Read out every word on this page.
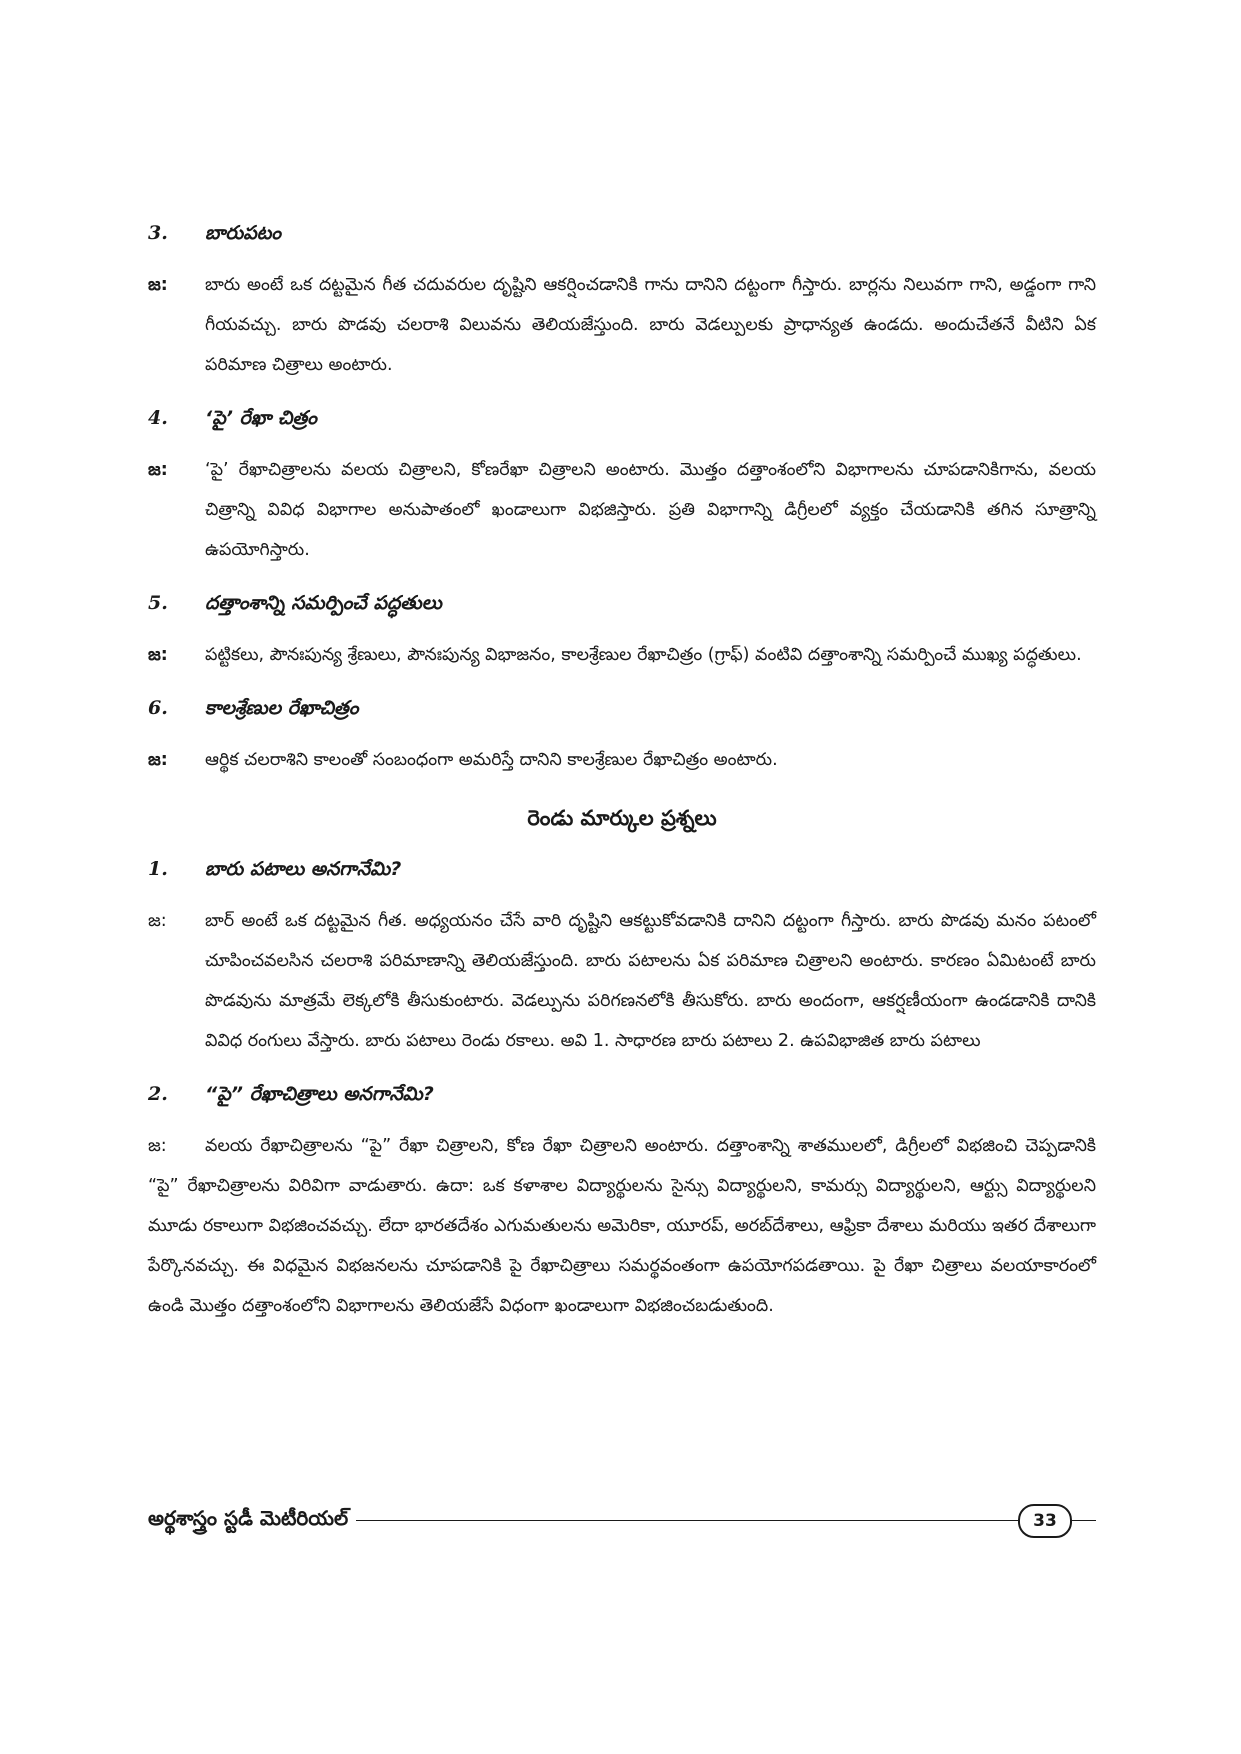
3.	బారుపటం
జ:	బారు అంటే ఒక దట్టమైన గీత చదువరుల దృష్టిని ఆకర్షించడానికి గాను దానిని దట్టంగా గీస్తారు. బార్లను నిలువగా గాని, అడ్డంగా గాని గీయవచ్చు. బారు పొడవు చలరాశి విలువను తెలియజేస్తుంది. బారు వెడల్పులకు ప్రాధాన్యత ఉండదు. అందుచేతనే వీటిని ఏక పరిమాణ చిత్రాలు అంటారు.
4.	‘పై’ రేఖా చిత్రం
జ:	‘పై’ రేఖాచిత్రాలను వలయ చిత్రాలని, కోణరేఖా చిత్రాలని అంటారు. మొత్తం దత్తాంశంలోని విభాగాలను చూపడానికిగాను, వలయ చిత్రాన్ని వివిధ విభాగాల అనుపాతంలో ఖండాలుగా విభజిస్తారు. ప్రతి విభాగాన్ని డిగ్రీలలో వ్యక్తం చేయడానికి తగిన సూత్రాన్ని ఉపయోగిస్తారు.
5.	దత్తాంశాన్ని సమర్పించే పద్ధతులు
జ:	పట్టికలు, పౌనఃపున్య శ్రేణులు, పౌనఃపున్య విభాజనం, కాలశ్రేణుల రేఖాచిత్రం (గ్రాఫ్) వంటివి దత్తాంశాన్ని సమర్పించే ముఖ్య పద్ధతులు.
6.	కాలశ్రేణుల రేఖాచిత్రం
జ:	ఆర్థిక చలరాశిని కాలంతో సంబంధంగా అమరిస్తే దానిని కాలశ్రేణుల రేఖాచిత్రం అంటారు.
రెండు మార్కుల ప్రశ్నలు
1.	బారు పటాలు అనగానేమి?
జ:	బార్ అంటే ఒక దట్టమైన గీత. అధ్యయనం చేసే వారి దృష్టిని ఆకట్టుకోవడానికి దానిని దట్టంగా గీస్తారు. బారు పొడవు మనం పటంలో చూపించవలసిన చలరాశి పరిమాణాన్ని తెలియజేస్తుంది. బారు పటాలను ఏక పరిమాణ చిత్రాలని అంటారు. కారణం ఏమిటంటే బారు పొడవును మాత్రమే లెక్కలోకి తీసుకుంటారు. వెడల్పును పరిగణనలోకి తీసుకోరు. బారు అందంగా, ఆకర్షణీయంగా ఉండడానికి దానికి వివిధ రంగులు వేస్తారు. బారు పటాలు రెండు రకాలు. అవి 1. సాధారణ బారు పటాలు 2. ఉపవిభాజిత బారు పటాలు
2.	“పై” రేఖాచిత్రాలు అనగానేమి?
జ: వలయ రేఖాచిత్రాలను “పై” రేఖా చిత్రాలని, కోణ రేఖా చిత్రాలని అంటారు. దత్తాంశాన్ని శాతములలో, డిగ్రీలలో విభజించి చెప్పడానికి “పై” రేఖాచిత్రాలను విరివిగా వాడుతారు. ఉదా: ఒక కళాశాల విద్యార్థులను సైన్సు విద్యార్థులని, కామర్సు విద్యార్థులని, ఆర్ట్సు విద్యార్థులని మూడు రకాలుగా విభజించవచ్చు. లేదా భారతదేశం ఎగుమతులను అమెరికా, యూరప్, అరబ్‌దేశాలు, ఆఫ్రికా దేశాలు మరియు ఇతర దేశాలుగా పేర్కొనవచ్చు. ఈ విధమైన విభజనలను చూపడానికి పై రేఖాచిత్రాలు సమర్థవంతంగా ఉపయోగపడతాయి. పై రేఖా చిత్రాలు వలయాకారంలో ఉండి మొత్తం దత్తాంశంలోని విభాగాలను తెలియజేసే విధంగా ఖండాలుగా విభజించబడుతుంది.
అర్థశాస్త్రం స్టడీ మెటీరియల్	33
